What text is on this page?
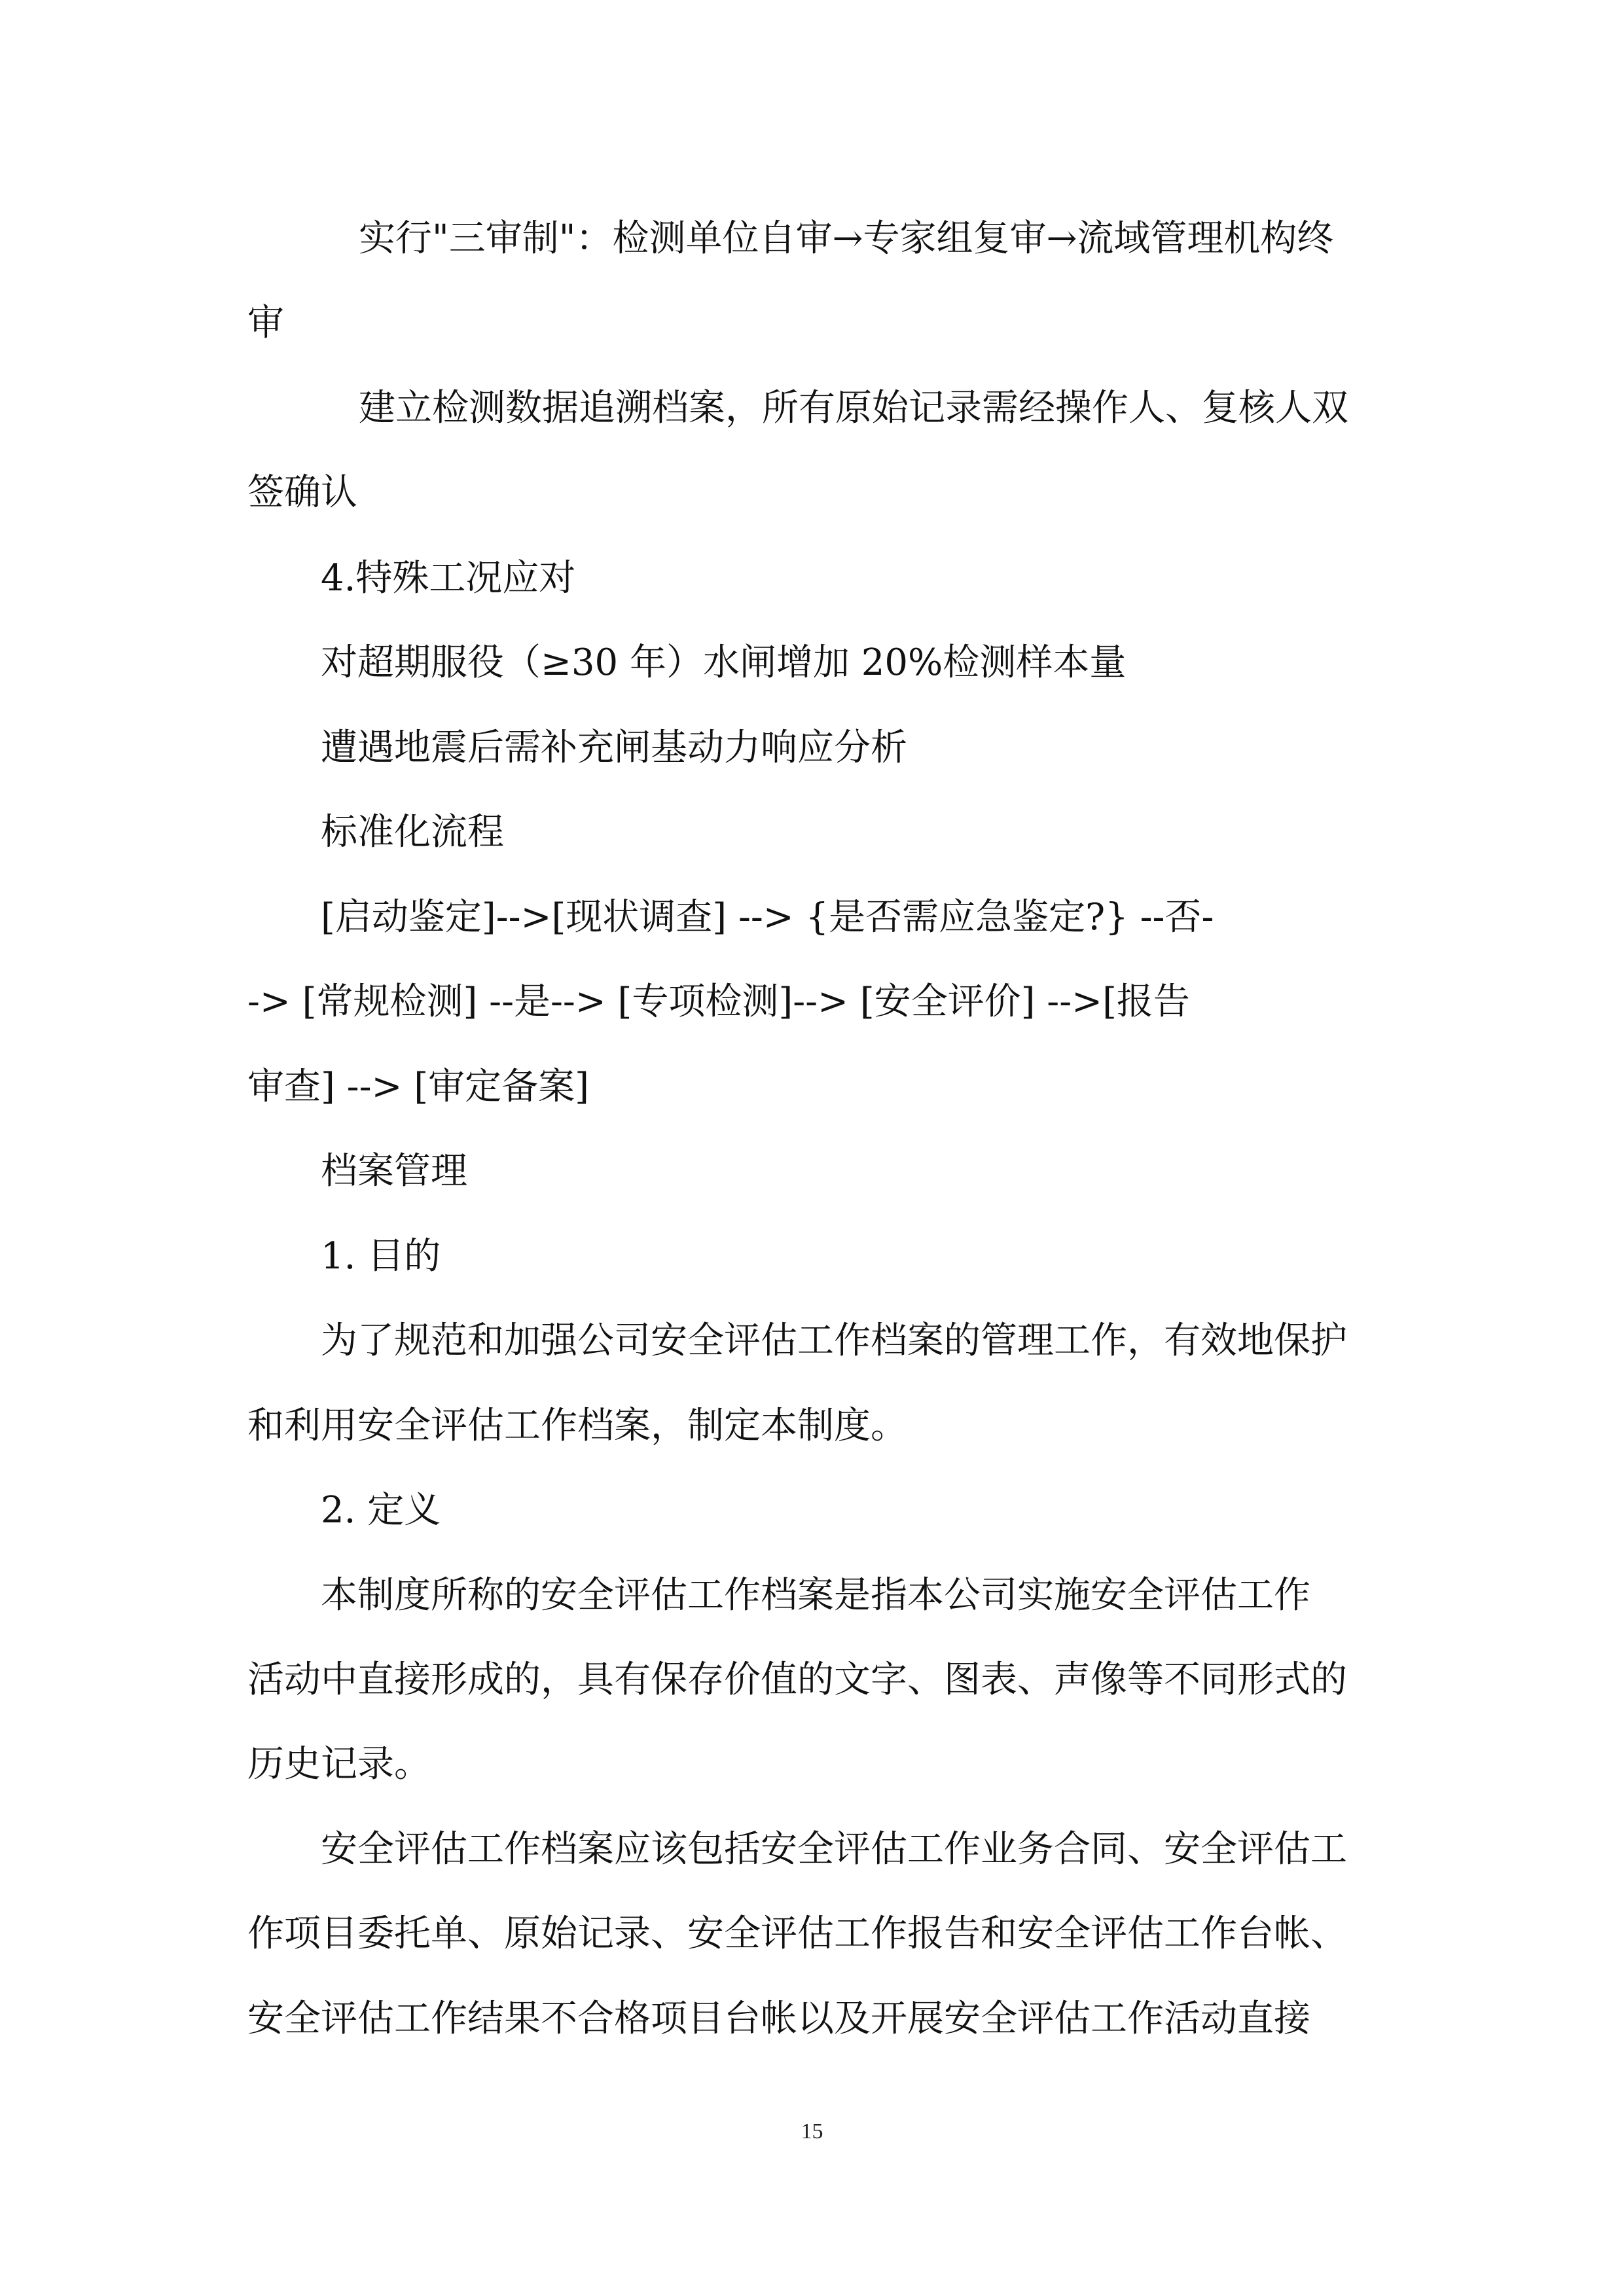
实行"三审制"：检测单位自审→专家组复审→流域管理机构终

审

建立检测数据追溯档案，所有原始记录需经操作人、复核人双

签确认

4.特殊工况应对

对超期服役（≥30 年）水闸增加 20%检测样本量

遭遇地震后需补充闸基动力响应分析

标准化流程

[启动鉴定]-->[现状调查] --> {是否需应急鉴定?} --否-

-> [常规检测] --是--> [专项检测]--> [安全评价] -->[报告

审查] --> [审定备案]

档案管理

1. 目的

为了规范和加强公司安全评估工作档案的管理工作，有效地保护

和利用安全评估工作档案，制定本制度。

2. 定义

本制度所称的安全评估工作档案是指本公司实施安全评估工作

活动中直接形成的，具有保存价值的文字、图表、声像等不同形式的

历史记录。

安全评估工作档案应该包括安全评估工作业务合同、安全评估工

作项目委托单、原始记录、安全评估工作报告和安全评估工作台帐、

安全评估工作结果不合格项目台帐以及开展安全评估工作活动直接

15
